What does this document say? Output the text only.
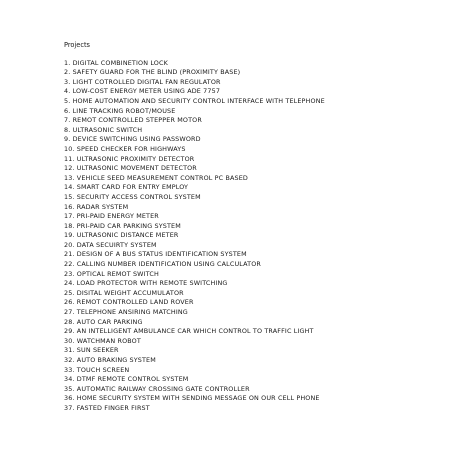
Projects
1. DIGITAL COMBINETION LOCK
2. SAFETY GUARD FOR THE BLIND (PROXIMITY BASE)
3. LIGHT COTROLLED DIGITAL FAN REGULATOR
4. LOW-COST ENERGY METER USING ADE 7757
5. HOME AUTOMATION AND SECURITY CONTROL INTERFACE WITH TELEPHONE
6. LINE TRACKING ROBOT/MOUSE
7. REMOT CONTROLLED STEPPER MOTOR
8. ULTRASONIC SWITCH
9. DEVICE SWITCHING USING PASSWORD
10. SPEED CHECKER FOR HIGHWAYS
11. ULTRASONIC PROXIMITY DETECTOR
12. ULTRASONIC MOVEMENT DETECTOR
13. VEHICLE SEED MEASUREMENT CONTROL PC BASED
14. SMART CARD FOR ENTRY EMPLOY
15. SECURITY ACCESS CONTROL SYSTEM
16. RADAR SYSTEM
17. PRI-PAID ENERGY METER
18. PRI-PAID CAR PARKING SYSTEM
19. ULTRASONIC DISTANCE METER
20. DATA SECUIRTY SYSTEM
21. DESIGN OF A BUS STATUS IDENTIFICATION SYSTEM
22. CALLING NUMBER IDENTIFICATION USING CALCULATOR
23. OPTICAL REMOT SWITCH
24. LOAD PROTECTOR WITH REMOTE SWITCHING
25. DISITAL WEIGHT ACCUMULATOR
26. REMOT CONTROLLED LAND ROVER
27. TELEPHONE ANSIRING MATCHING
28. AUTO CAR PARKING
29. AN INTELLIGENT AMBULANCE CAR WHICH CONTROL TO TRAFFIC LIGHT
30. WATCHMAN ROBOT
31. SUN SEEKER
32. AUTO BRAKING SYSTEM
33. TOUCH SCREEN
34. DTMF REMOTE CONTROL SYSTEM
35. AUTOMATIC RAILWAY CROSSING GATE CONTROLLER
36. HOME SECURITY SYSTEM WITH SENDING MESSAGE ON OUR CELL PHONE
37. FASTED FINGER FIRST
